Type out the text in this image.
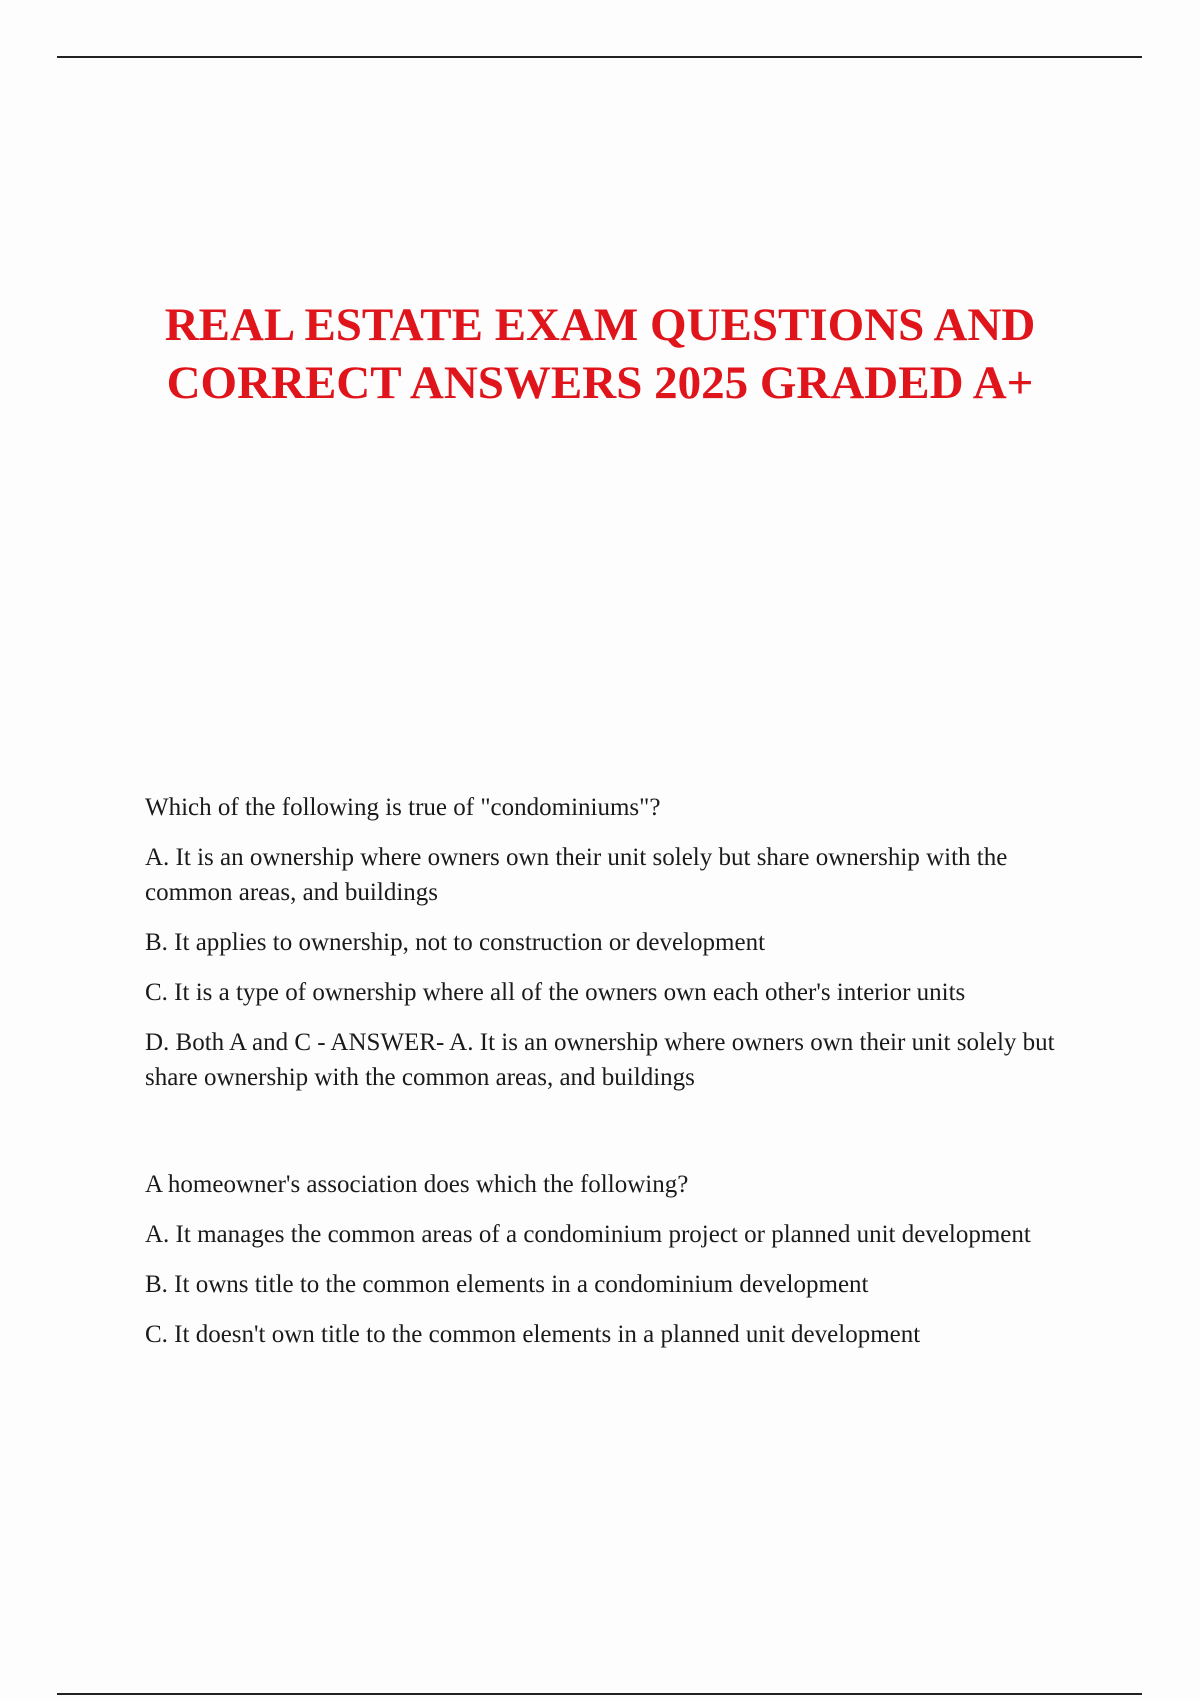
REAL ESTATE EXAM QUESTIONS AND
CORRECT ANSWERS 2025 GRADED A+

Which of the following is true of "condominiums"?

A. It is an ownership where owners own their unit solely but share ownership with the common areas, and buildings

B. It applies to ownership, not to construction or development

C. It is a type of ownership where all of the owners own each other's interior units

D. Both A and C - ANSWER- A. It is an ownership where owners own their unit solely but share ownership with the common areas, and buildings

A homeowner's association does which the following?

A. It manages the common areas of a condominium project or planned unit development

B. It owns title to the common elements in a condominium development

C. It doesn't own title to the common elements in a planned unit development
